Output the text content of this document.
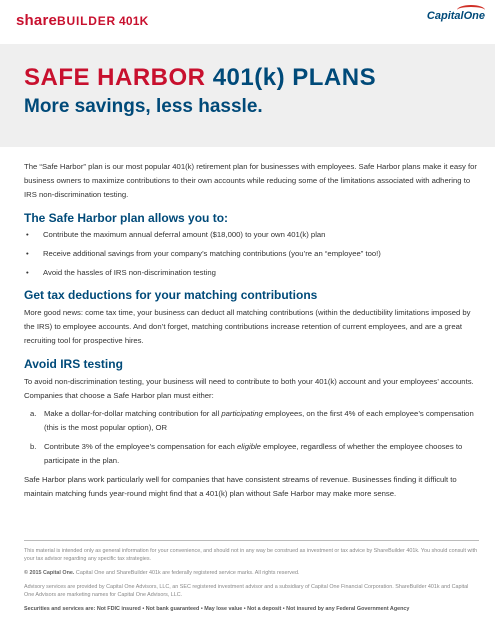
shareBUILDER 401K	CapitalOne
SAFE HARBOR 401(k) PLANS
More savings, less hassle.

The “Safe Harbor” plan is our most popular 401(k) retirement plan for businesses with employees. Safe Harbor plans make it easy for business owners to maximize contributions to their own accounts while reducing some of the limitations associated with adhering to IRS non-discrimination testing.

The Safe Harbor plan allows you to:
• Contribute the maximum annual deferral amount ($18,000) to your own 401(k) plan
• Receive additional savings from your company’s matching contributions (you’re an “employee” too!)
• Avoid the hassles of IRS non-discrimination testing
Get tax deductions for your matching contributions

More good news: come tax time, your business can deduct all matching contributions (within the deductibility limitations imposed by the IRS) to employee accounts. And don’t forget, matching contributions increase retention of current employees, and are a great recruiting tool for prospective hires.

Avoid IRS testing

To avoid non-discrimination testing, your business will need to contribute to both your 401(k) account and your employees’ accounts. Companies that choose a Safe Harbor plan must either:

a. Make a dollar-for-dollar matching contribution for all participating employees, on the first 4% of each employee’s compensation (this is the most popular option), OR
b. Contribute 3% of the employee’s compensation for each eligible employee, regardless of whether the employee chooses to participate in the plan.

Safe Harbor plans work particularly well for companies that have consistent streams of revenue. Businesses finding it difficult to maintain matching funds year-round might find that a 401(k) plan without Safe Harbor may make more sense.

This material is intended only as general information for your convenience, and should not in any way be construed as investment or tax advice by ShareBuilder 401k. You should consult with your tax advisor regarding any specific tax strategies.

© 2015 Capital One. Capital One and ShareBuilder 401k are federally registered service marks. All rights reserved.

Advisory services are provided by Capital One Advisors, LLC, an SEC registered investment advisor and a subsidiary of Capital One Financial Corporation. ShareBuilder 401k and Capital One Advisors are marketing names for Capital One Advisors, LLC.

Securities and services are: Not FDIC insured • Not bank guaranteed • May lose value • Not a deposit • Not insured by any Federal Government Agency
